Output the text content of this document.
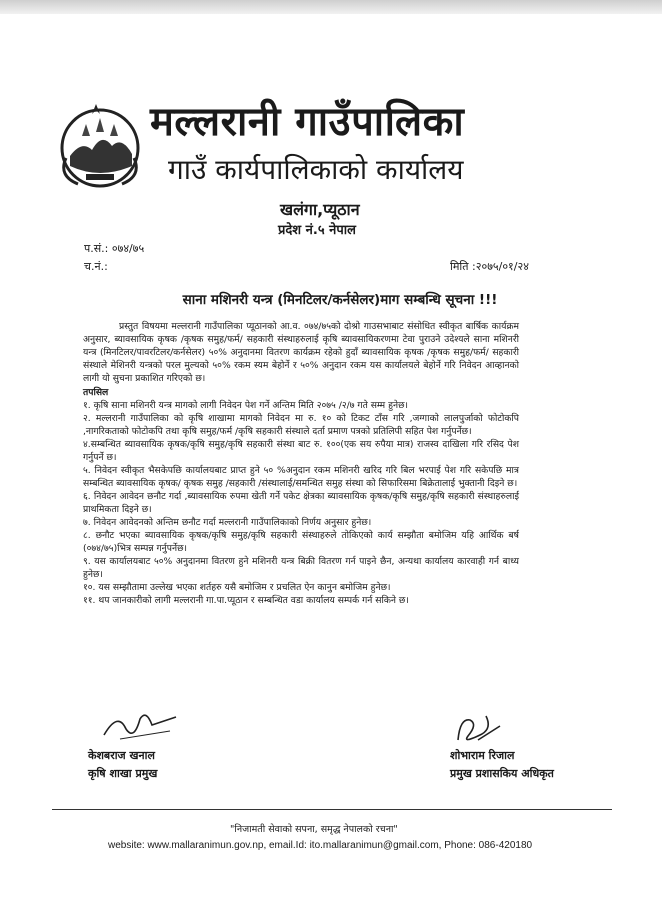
मल्लरानी गाउँपालिका
गाउँ कार्यपालिकाको कार्यालय
खलंगा,प्यूठान
प्रदेश नं.५ नेपाल
प.सं.: ०७४/७५
च.नं.:	मिति :२०७५/०१/२४
साना मशिनरी यन्त्र (मिनटिलर/कर्नसेलर)माग सम्बन्धि सूचना !!!

प्रस्तुत विषयमा मल्लरानी गाउँपालिका प्यूठानको आ.व. ०७४/७५को दोश्रो गाउसभाबाट संसोधित स्वीकृत बार्षिक कार्यक्रम अनुसार, ब्यावसायिक कृषक /कृषक समुह/फर्म/ सहकारी संस्थाहरुलाई कृषि ब्यावसायिकरणमा टेवा पुराउने उदेश्यले साना मशिनरी यन्त्र (मिनटिलर/पावरटिलर/कर्नसेलर) ५०% अनुदानमा वितरण कार्यक्रम रहेको हुदाँ ब्यावसायिक कृषक /कृषक समुह/फर्म/ सहकारी संस्थाले मेशिनरी यन्त्रको परल मुल्यको ५०% रकम स्यम बेहोर्ने र ५०% अनुदान रकम यस कार्यालयले बेहोर्ने गरि निवेदन आव्हानको लागी यो सुचना प्रकाशित गरिएको छ।

तपसिल

१. कृषि साना मशिनरी यन्त्र मागको लागी निवेदन पेश गर्ने अन्तिम मिति २०७५ /२/७ गते सम्म हुनेछ।

२. मल्लरानी गाउँपालिका को कृषि शाखामा मागको निवेदन मा रु. १० को टिकट टाँस गरि ,जग्गाको लालपुर्जाको फोटोकपि ,नागरिकताको फोटोकपि तथा कृषि समुह/फर्म /कृषि सहकारी संस्थाले दर्ता प्रमाण पत्रको प्रतिलिपी सहित पेश गर्नुपर्नेछ।

४.सम्बन्धित ब्यावसायिक कृषक/कृषि समुह/कृषि सहकारी संस्था बाट रु. १००(एक सय रुपैया मात्र) राजस्व दाखिला गरि रसिद पेश गर्नुपर्ने छ।

५. निवेदन स्वीकृत भैसकेपछि कार्यालयबाट प्राप्त हुने ५० %अनुदान रकम मशिनरी खरिद गरि बिल भरपाई पेश गरि सकेपछि मात्र सम्बन्धित ब्यावसायिक कृषक/ कृषक समुह /सहकारी /संस्थालाई/समन्धित समुह संस्था को सिफारिसमा बिक्रेतालाई भुक्तानी दिइने छ।

६. निवेदन आवेदन छनौट गर्दा ,ब्यावसायिक रुपमा खेती गर्ने पकेट क्षेत्रका ब्यावसायिक कृषक/कृषि समुह/कृषि सहकारी संस्थाहरुलाई प्राथमिकता दिइने छ।

७. निवेदन आवेदनको अन्तिम छनौट गर्दा मल्लरानी गाउँपालिकाको निर्णय अनुसार हुनेछ।

८. छनौट भएका ब्यावसायिक कृषक/कृषि समुह/कृषि सहकारी संस्थाहरुले तोकिएको कार्य सम्झौता बमोजिम यहि आर्थिक बर्ष (०७४/७५)भित्र सम्पन्न गर्नुपर्नेछ।

९. यस कार्यालयबाट ५०% अनुदानमा वितरण हुने मशिनरी यन्त्र बिक्री वितरण गर्न पाइने छैन, अन्यथा कार्यालय कारवाही गर्न बाध्य हुनेछ।

१०. यस सम्झौतामा उल्लेख भएका शर्तहरु यसै बमोजिम र प्रचलित ऐन कानुन बमोजिम हुनेछ।

११. थप जानकारीको लागी मल्लरानी गा.पा.प्यूठान र सम्बन्धित वडा कार्यालय सम्पर्क गर्न सकिने छ।

केशबराज खनाल
कृषि शाखा प्रमुख
शोभाराम रिजाल
प्रमुख प्रशासकिय अधिकृत
"निजामती सेवाको सपना, समृद्ध नेपालको रचना"
website: www.mallaranimun.gov.np, email.Id: ito.mallaranimun@gmail.com, Phone: 086-420180
